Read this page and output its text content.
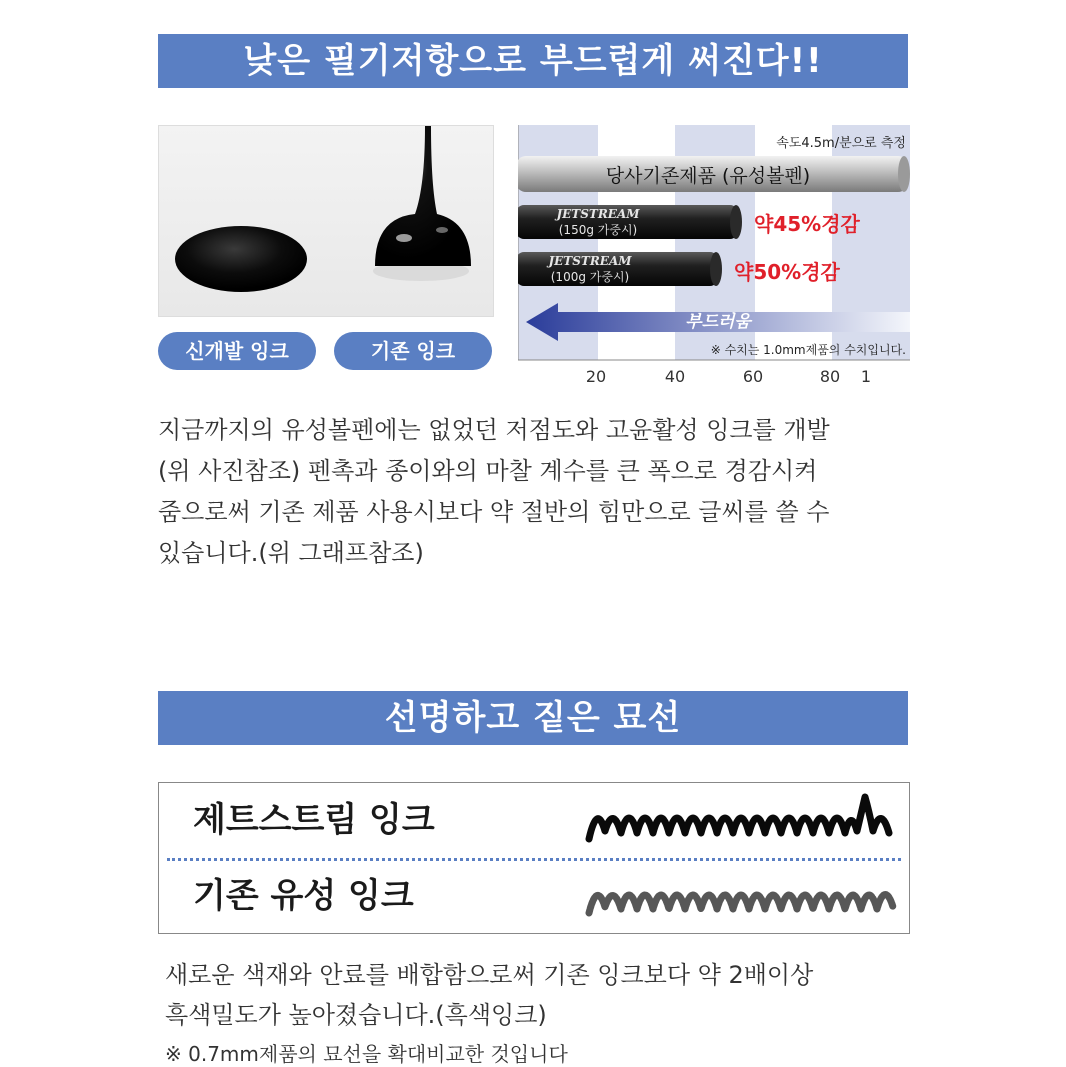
낮은 필기저항으로 부드럽게 써진다!!
신개발 잉크	기존 잉크
속도4.5m/분으로 측정
당사기존제품 (유성볼펜)
JETSTREAM
(150g 가중시)	약45%경감
JETSTREAM
(100g 가중시)	약50%경감
부드러움
※ 수치는 1.0mm제품의 수치입니다.
20	40	60	80 1

지금까지의 유성볼펜에는 없었던 저점도와 고윤활성 잉크를 개발

(위 사진참조) 펜촉과 종이와의 마찰 계수를 큰 폭으로 경감시켜

줌으로써 기존 제품 사용시보다 약 절반의 힘만으로 글씨를 쓸 수

있습니다.(위 그래프참조)

선명하고 짙은 묘선
제트스트림 잉크
기존 유성 잉크

새로운 색재와 안료를 배합함으로써 기존 잉크보다 약 2배이상

흑색밀도가 높아졌습니다.(흑색잉크)

※ 0.7mm제품의 묘선을 확대비교한 것입니다
